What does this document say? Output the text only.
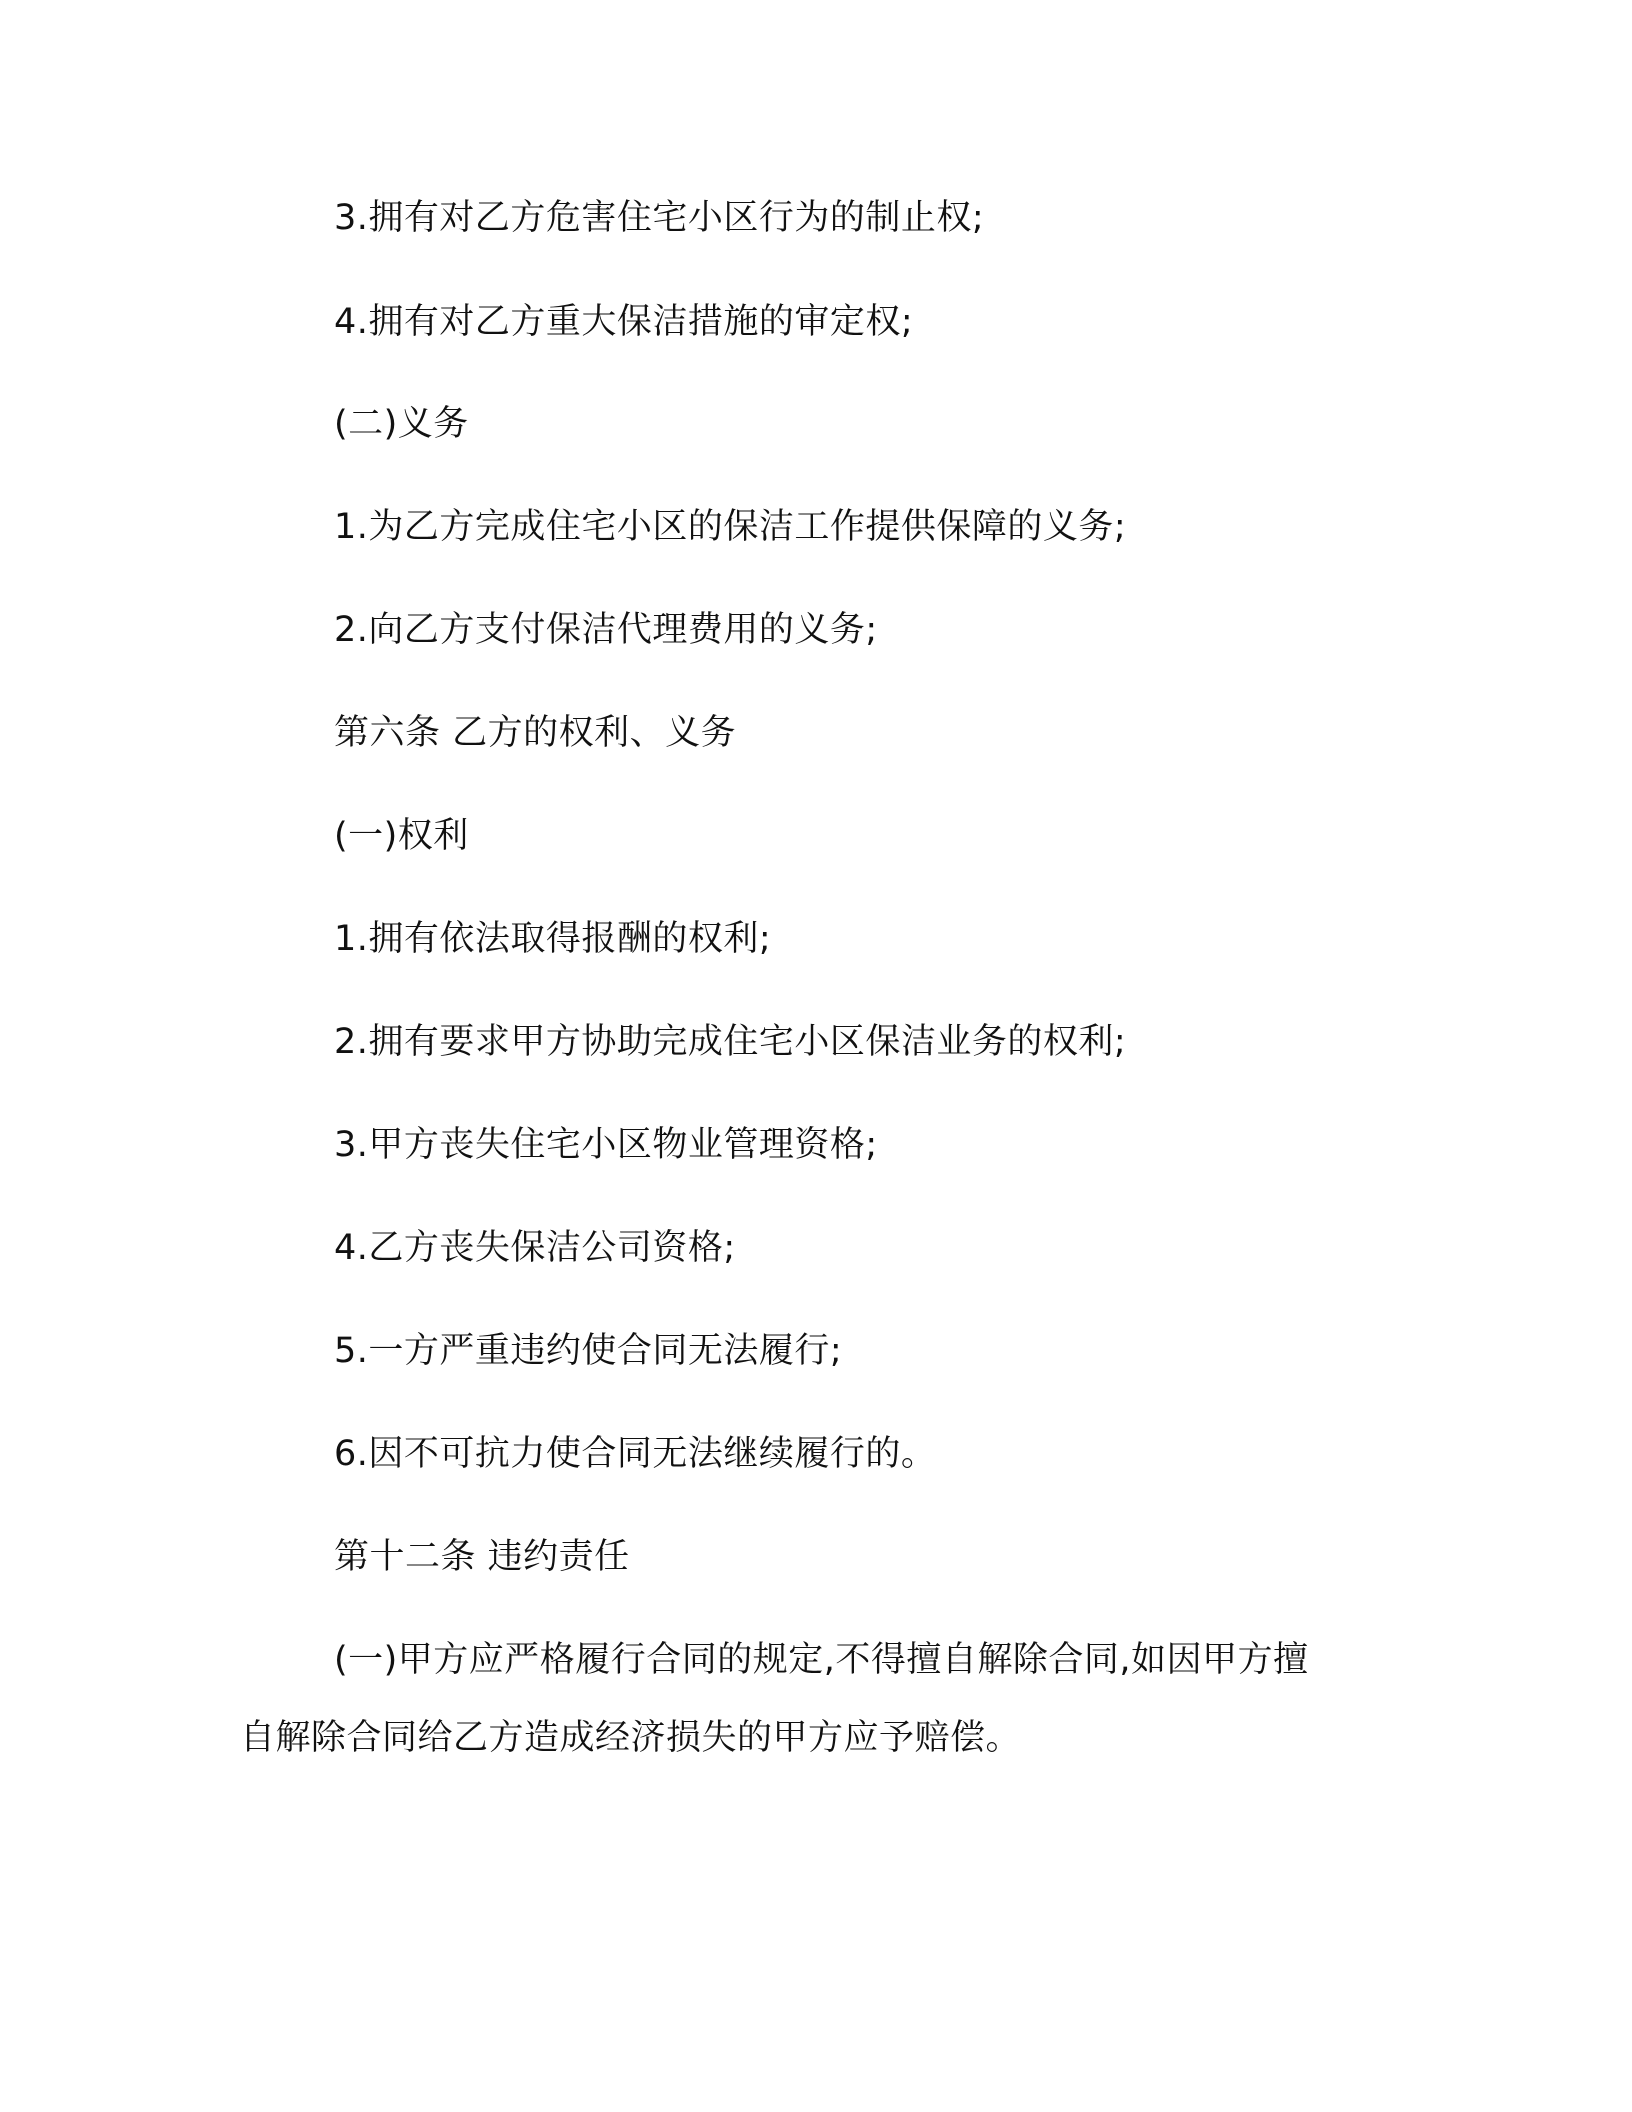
3.拥有对乙方危害住宅小区行为的制止权;
4.拥有对乙方重大保洁措施的审定权;
(二)义务
1.为乙方完成住宅小区的保洁工作提供保障的义务;
2.向乙方支付保洁代理费用的义务;
第六条 乙方的权利、义务
(一)权利
1.拥有依法取得报酬的权利;
2.拥有要求甲方协助完成住宅小区保洁业务的权利;
3.甲方丧失住宅小区物业管理资格;
4.乙方丧失保洁公司资格;
5.一方严重违约使合同无法履行;
6.因不可抗力使合同无法继续履行的。
第十二条 违约责任
(一)甲方应严格履行合同的规定,不得擅自解除合同,如因甲方擅
自解除合同给乙方造成经济损失的甲方应予赔偿。
